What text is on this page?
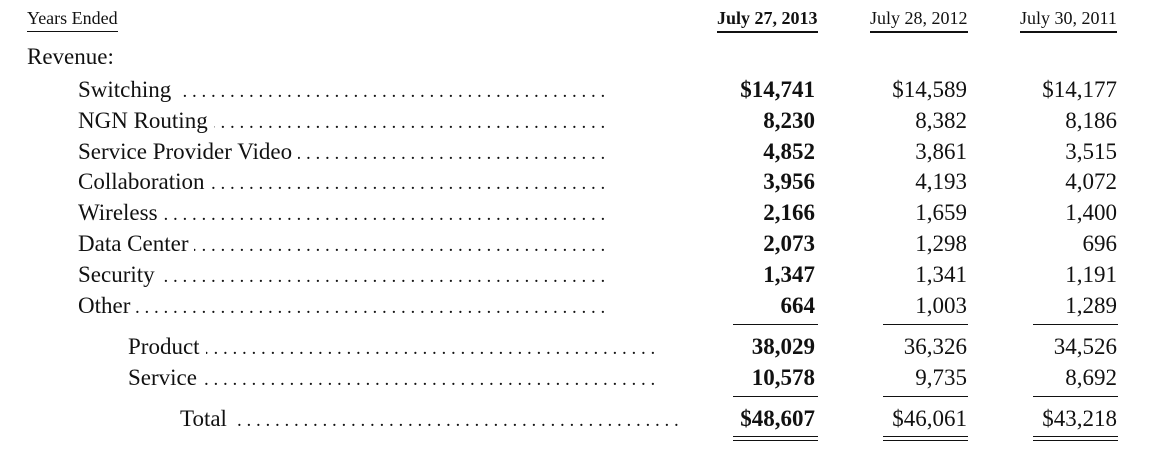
Years Ended	July 27, 2013	July 28, 2012	July 30, 2011
Revenue:
Switching . . .	$14,741	$14,589	$14,177
NGN Routing . . .	8,230	8,382	8,186
Service Provider Video . . .	4,852	3,861	3,515
Collaboration . . .	3,956	4,193	4,072
Wireless . . .	2,166	1,659	1,400
Data Center . . .	2,073	1,298	696
Security . . .	1,347	1,341	1,191
Other . . .	664	1,003	1,289
Product . . .	38,029	36,326	34,526
Service . . .	10,578	9,735	8,692
Total . . .	$48,607	$46,061	$43,218
